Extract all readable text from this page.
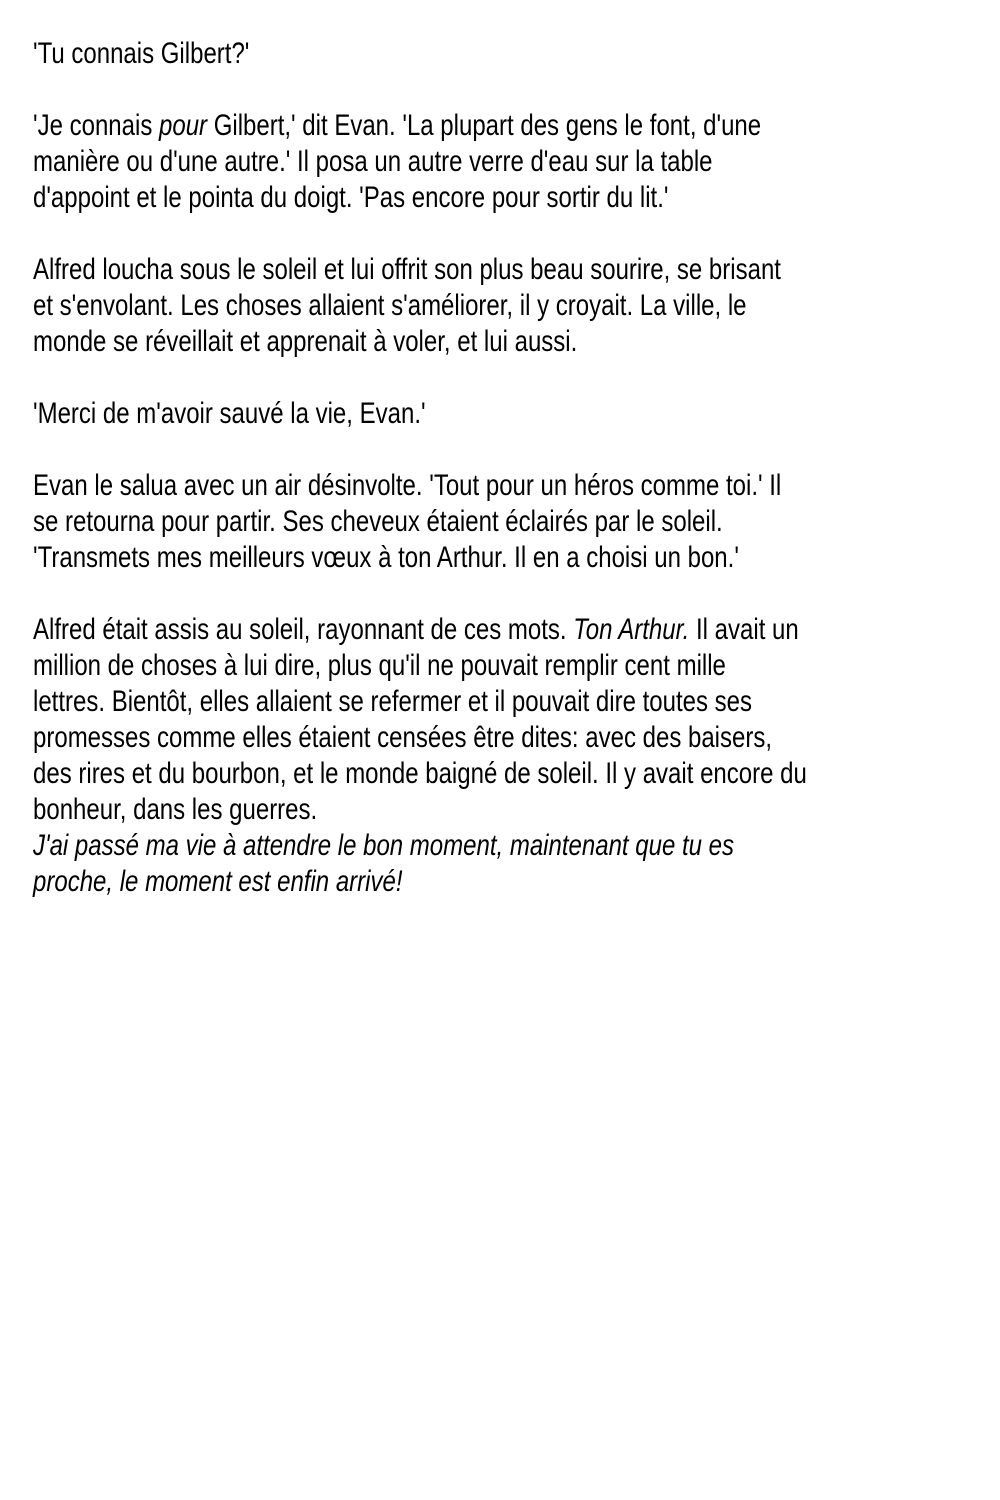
'Tu connais Gilbert?'
'Je connais pour Gilbert,' dit Evan. 'La plupart des gens le font, d'une
manière ou d'une autre.' Il posa un autre verre d'eau sur la table
d'appoint et le pointa du doigt. 'Pas encore pour sortir du lit.'
Alfred loucha sous le soleil et lui offrit son plus beau sourire, se brisant
et s'envolant. Les choses allaient s'améliorer, il y croyait. La ville, le
monde se réveillait et apprenait à voler, et lui aussi.
'Merci de m'avoir sauvé la vie, Evan.'
Evan le salua avec un air désinvolte. 'Tout pour un héros comme toi.' Il
se retourna pour partir. Ses cheveux étaient éclairés par le soleil.
'Transmets mes meilleurs vœux à ton Arthur. Il en a choisi un bon.'
Alfred était assis au soleil, rayonnant de ces mots. Ton Arthur. Il avait un
million de choses à lui dire, plus qu'il ne pouvait remplir cent mille
lettres. Bientôt, elles allaient se refermer et il pouvait dire toutes ses
promesses comme elles étaient censées être dites: avec des baisers,
des rires et du bourbon, et le monde baigné de soleil. Il y avait encore du
bonheur, dans les guerres.
J'ai passé ma vie à attendre le bon moment, maintenant que tu es
proche, le moment est enfin arrivé!
